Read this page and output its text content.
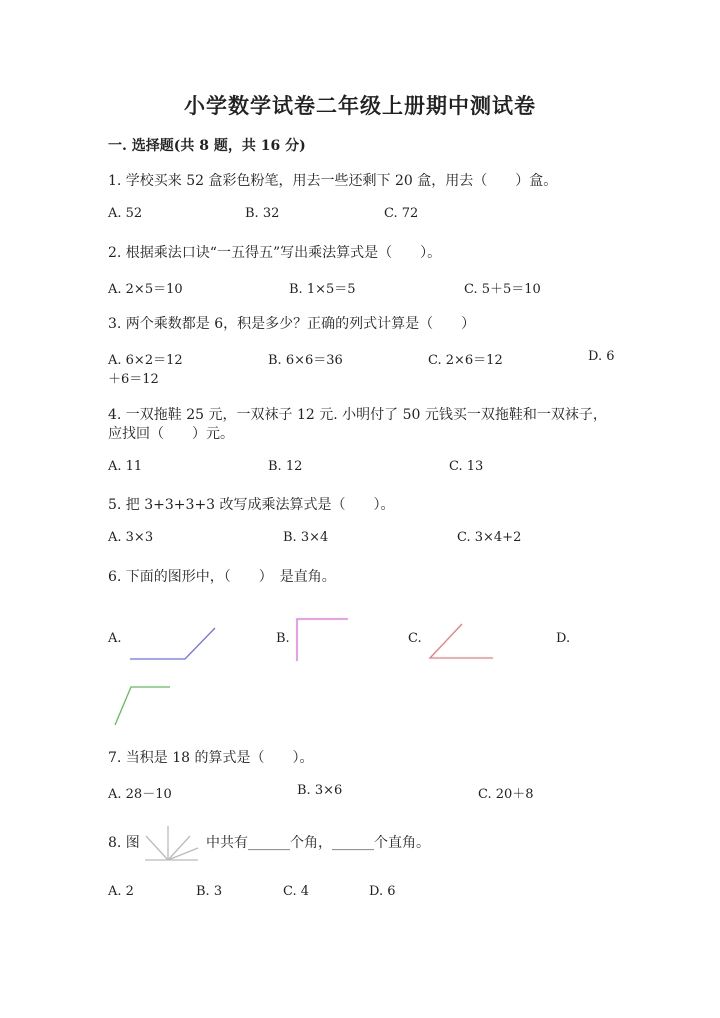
小学数学试卷二年级上册期中测试卷
一. 选择题(共 8 题，共 16 分)
1. 学校买来 52 盒彩色粉笔，用去一些还剩下 20 盒，用去（　　）盒。
A. 52	B. 32	C. 72
2. 根据乘法口诀“一五得五”写出乘法算式是（　　）。
A. 2×5＝10	B. 1×5＝5	C. 5＋5＝10
3. 两个乘数都是 6，积是多少？正确的列式计算是（　　）
A. 6×2＝12	B. 6×6＝36	C. 2×6＝12	D. 6
＋6＝12
4. 一双拖鞋 25 元，一双袜子 12 元. 小明付了 50 元钱买一双拖鞋和一双袜子，
应找回（　　）元。
A. 11	B. 12	C. 13
5. 把 3+3+3+3 改写成乘法算式是（　　）。
A. 3×3	B. 3×4	C. 3×4+2
6. 下面的图形中，（　　）　是直角。
A.	B.	C.	D.
7. 当积是 18 的算式是（　　）。
A. 28－10	B. 3×6	C. 20＋8
8. 图	中共有______个角，______个直角。
A. 2	B. 3	C. 4	D. 6
